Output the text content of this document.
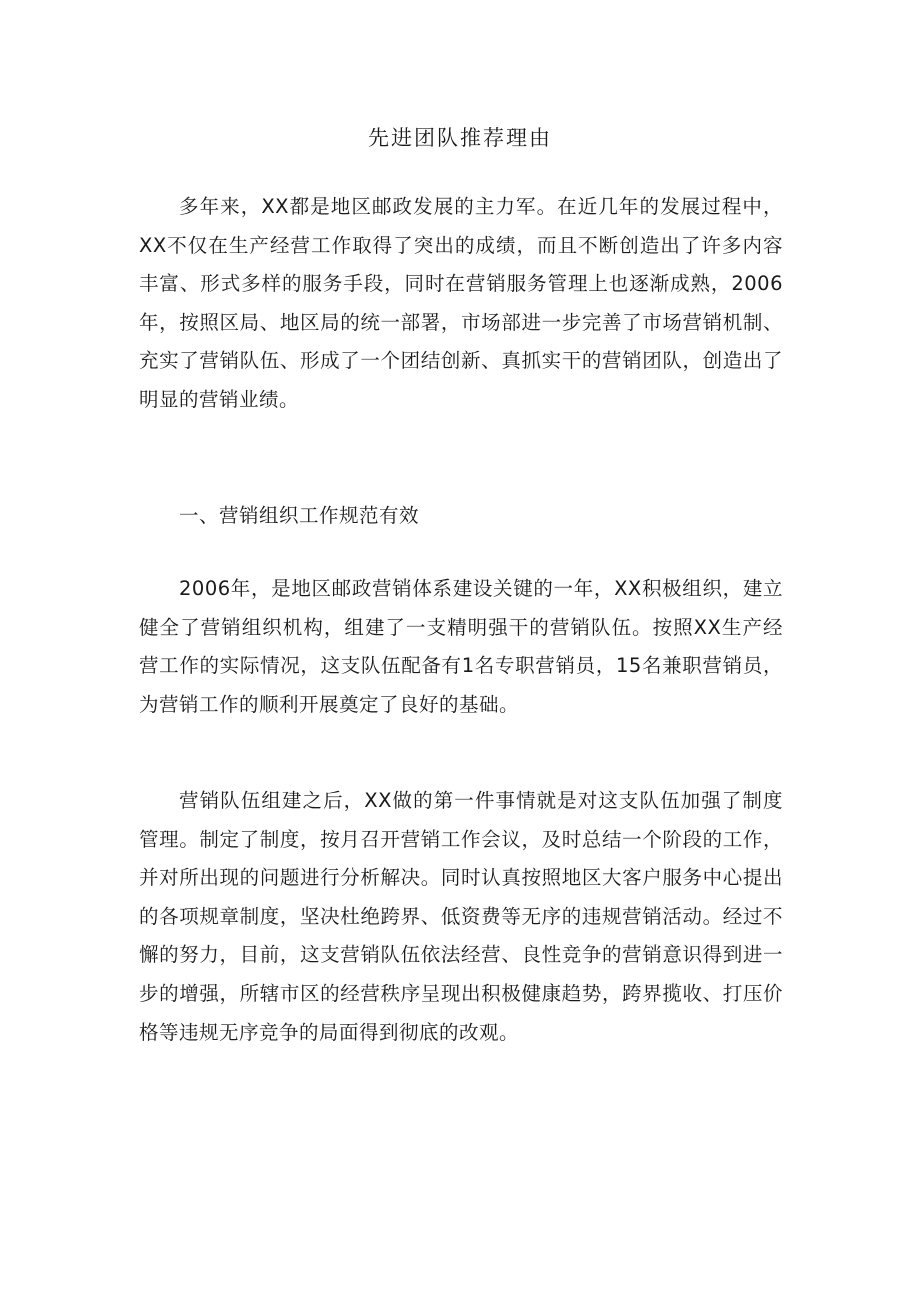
先进团队推荐理由

多年来，XX都是地区邮政发展的主力军。在近几年的发展过程中，XX不仅在生产经营工作取得了突出的成绩，而且不断创造出了许多内容丰富、形式多样的服务手段，同时在营销服务管理上也逐渐成熟，2006年，按照区局、地区局的统一部署，市场部进一步完善了市场营销机制、充实了营销队伍、形成了一个团结创新、真抓实干的营销团队，创造出了明显的营销业绩。

一、营销组织工作规范有效

2006年，是地区邮政营销体系建设关键的一年，XX积极组织，建立健全了营销组织机构，组建了一支精明强干的营销队伍。按照XX生产经营工作的实际情况，这支队伍配备有1名专职营销员，15名兼职营销员，为营销工作的顺利开展奠定了良好的基础。

营销队伍组建之后，XX做的第一件事情就是对这支队伍加强了制度管理。制定了制度，按月召开营销工作会议，及时总结一个阶段的工作，并对所出现的问题进行分析解决。同时认真按照地区大客户服务中心提出的各项规章制度，坚决杜绝跨界、低资费等无序的违规营销活动。经过不懈的努力，目前，这支营销队伍依法经营、良性竞争的营销意识得到进一步的增强，所辖市区的经营秩序呈现出积极健康趋势，跨界揽收、打压价格等违规无序竞争的局面得到彻底的改观。
